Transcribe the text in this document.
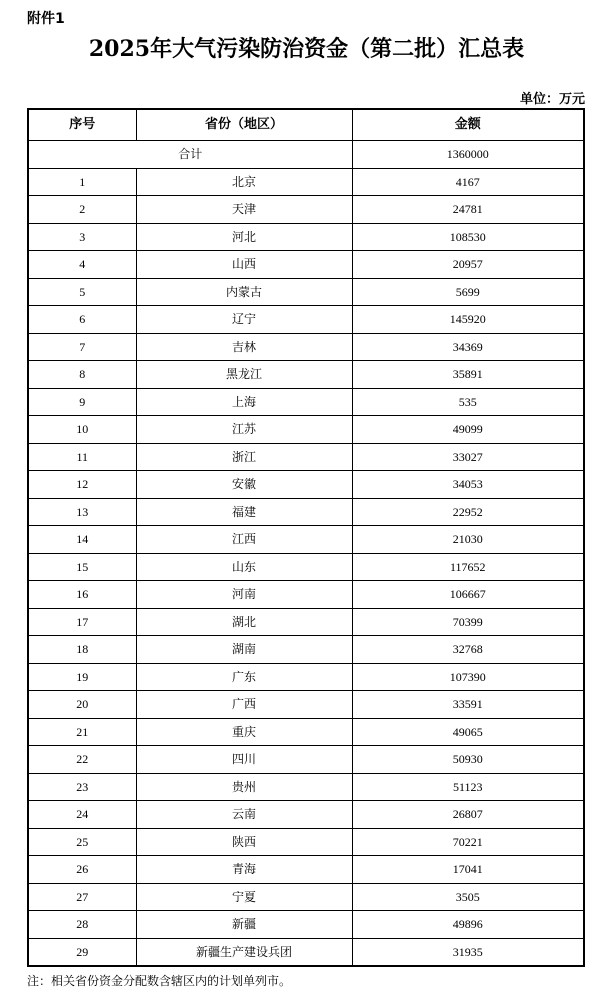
附件1
2025年大气污染防治资金（第二批）汇总表
单位：万元
序号	省份（地区）	金额
合计		1360000
1	北京	4167
2	天津	24781
3	河北	108530
4	山西	20957
5	内蒙古	5699
6	辽宁	145920
7	吉林	34369
8	黑龙江	35891
9	上海	535
10	江苏	49099
11	浙江	33027
12	安徽	34053
13	福建	22952
14	江西	21030
15	山东	117652
16	河南	106667
17	湖北	70399
18	湖南	32768
19	广东	107390
20	广西	33591
21	重庆	49065
22	四川	50930
23	贵州	51123
24	云南	26807
25	陕西	70221
26	青海	17041
27	宁夏	3505
28	新疆	49896
29	新疆生产建设兵团	31935
注：相关省份资金分配数含辖区内的计划单列市。
